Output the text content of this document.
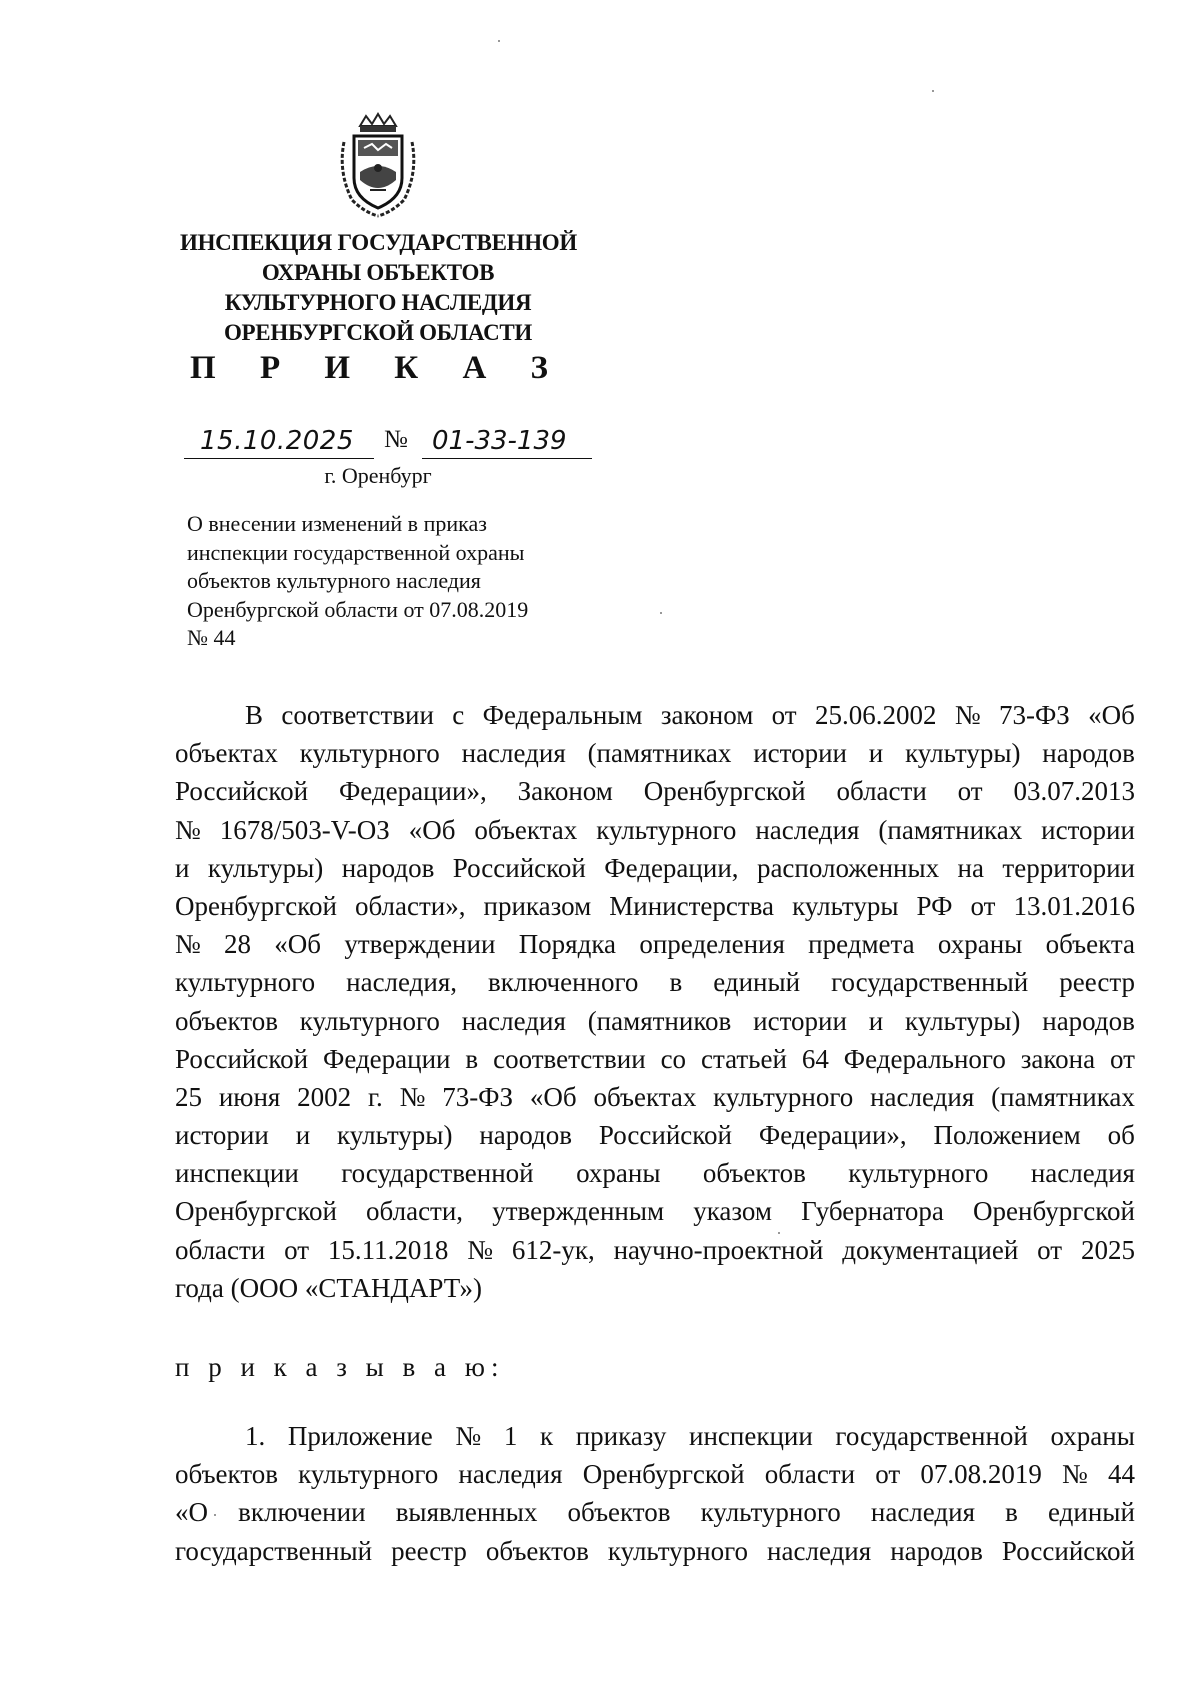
ИНСПЕКЦИЯ ГОСУДАРСТВЕННОЙ
ОХРАНЫ ОБЪЕКТОВ
КУЛЬТУРНОГО НАСЛЕДИЯ
ОРЕНБУРГСКОЙ ОБЛАСТИ
П Р И К А З
15.10.2025	№ 01-33-139
г. Оренбург
О внесении изменений в приказ
инспекции государственной охраны
объектов культурного наследия
Оренбургской области от 07.08.2019
№ 44
В соответствии с Федеральным законом от 25.06.2002 № 73-ФЗ «Об
объектах культурного наследия (памятниках истории и культуры) народов
Российской Федерации», Законом Оренбургской области от 03.07.2013
№ 1678/503-V-ОЗ «Об объектах культурного наследия (памятниках истории
и культуры) народов Российской Федерации, расположенных на территории
Оренбургской области», приказом Министерства культуры РФ от 13.01.2016
№ 28 «Об утверждении Порядка определения предмета охраны объекта
культурного наследия, включенного в единый государственный реестр
объектов культурного наследия (памятников истории и культуры) народов
Российской Федерации в соответствии со статьей 64 Федерального закона от
25 июня 2002 г. № 73-ФЗ «Об объектах культурного наследия (памятниках
истории и культуры) народов Российской Федерации», Положением об
инспекции государственной охраны объектов культурного наследия
Оренбургской области, утвержденным указом Губернатора Оренбургской
области от 15.11.2018 № 612-ук, научно-проектной документацией от 2025
года (ООО «СТАНДАРТ»)
п р и к а з ы в а ю:
1. Приложение № 1 к приказу инспекции государственной охраны
объектов культурного наследия Оренбургской области от 07.08.2019 № 44
«О включении выявленных объектов культурного наследия в единый
государственный реестр объектов культурного наследия народов Российской
